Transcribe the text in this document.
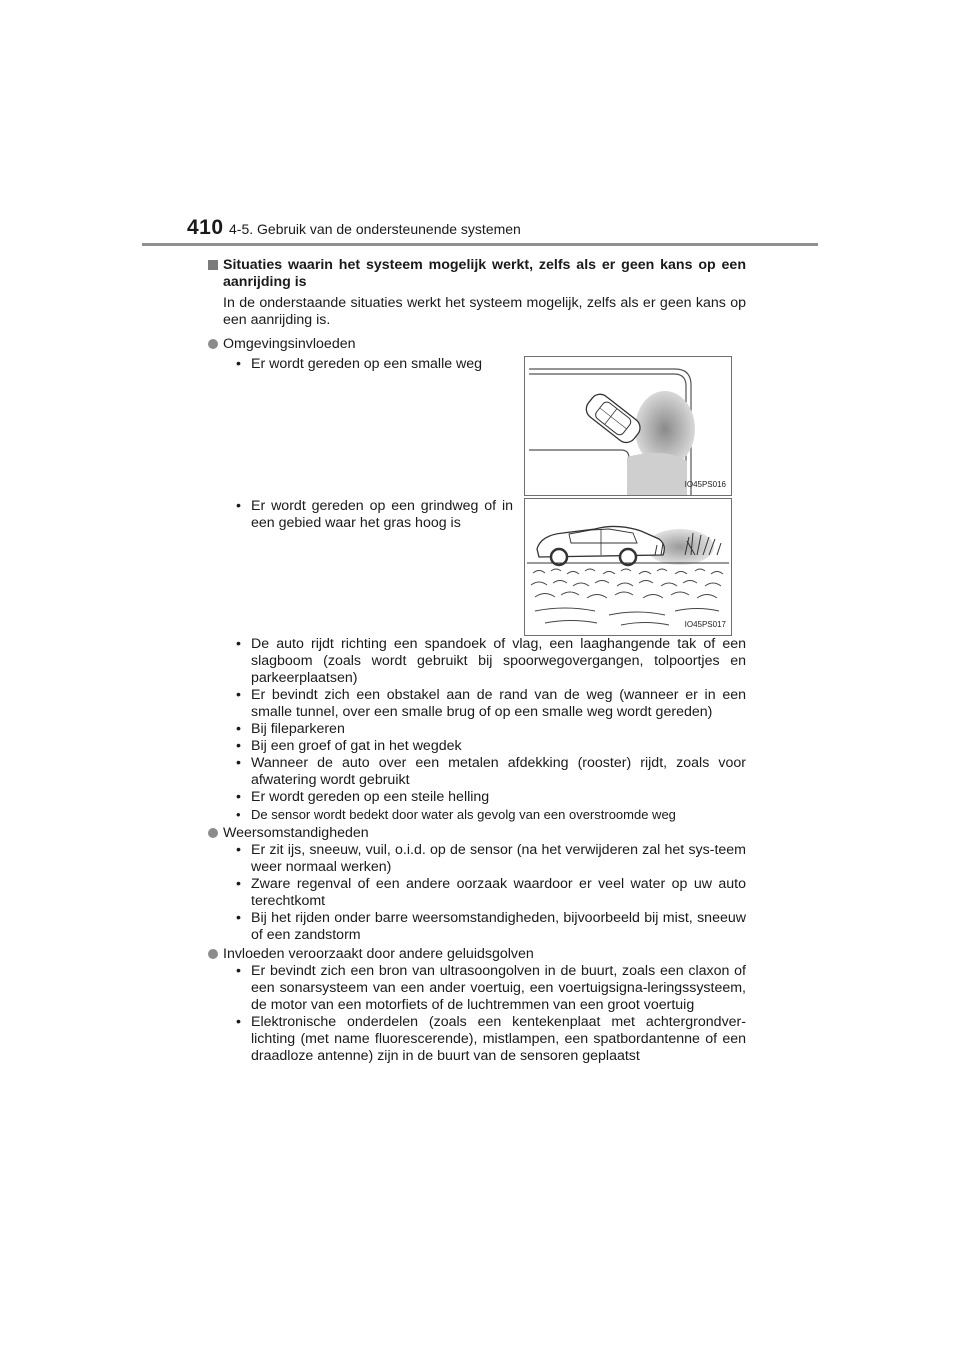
410 4-5. Gebruik van de ondersteunende systemen
Situaties waarin het systeem mogelijk werkt, zelfs als er geen kans op een aanrijding is
In de onderstaande situaties werkt het systeem mogelijk, zelfs als er geen kans op een aanrijding is.
Omgevingsinvloeden
• Er wordt gereden op een smalle weg
IO45PS016
• Er wordt gereden op een grindweg of in een gebied waar het gras hoog is
IO45PS017
• De auto rijdt richting een spandoek of vlag, een laaghangende tak of een slagboom (zoals wordt gebruikt bij spoorwegovergangen, tolpoortjes en parkeerplaatsen)
• Er bevindt zich een obstakel aan de rand van de weg (wanneer er in een smalle tunnel, over een smalle brug of op een smalle weg wordt gereden)
• Bij fileparkeren
• Bij een groef of gat in het wegdek
• Wanneer de auto over een metalen afdekking (rooster) rijdt, zoals voor afwatering wordt gebruikt
• Er wordt gereden op een steile helling
• De sensor wordt bedekt door water als gevolg van een overstroomde weg
Weersomstandigheden
• Er zit ijs, sneeuw, vuil, o.i.d. op de sensor (na het verwijderen zal het sys-teem weer normaal werken)
• Zware regenval of een andere oorzaak waardoor er veel water op uw auto terechtkomt
• Bij het rijden onder barre weersomstandigheden, bijvoorbeeld bij mist, sneeuw of een zandstorm
Invloeden veroorzaakt door andere geluidsgolven
• Er bevindt zich een bron van ultrasoongolven in de buurt, zoals een claxon of een sonarsysteem van een ander voertuig, een voertuigsigna-leringssysteem, de motor van een motorfiets of de luchtremmen van een groot voertuig
• Elektronische onderdelen (zoals een kentekenplaat met achtergrondver-lichting (met name fluorescerende), mistlampen, een spatbordantenne of een draadloze antenne) zijn in de buurt van de sensoren geplaatst
